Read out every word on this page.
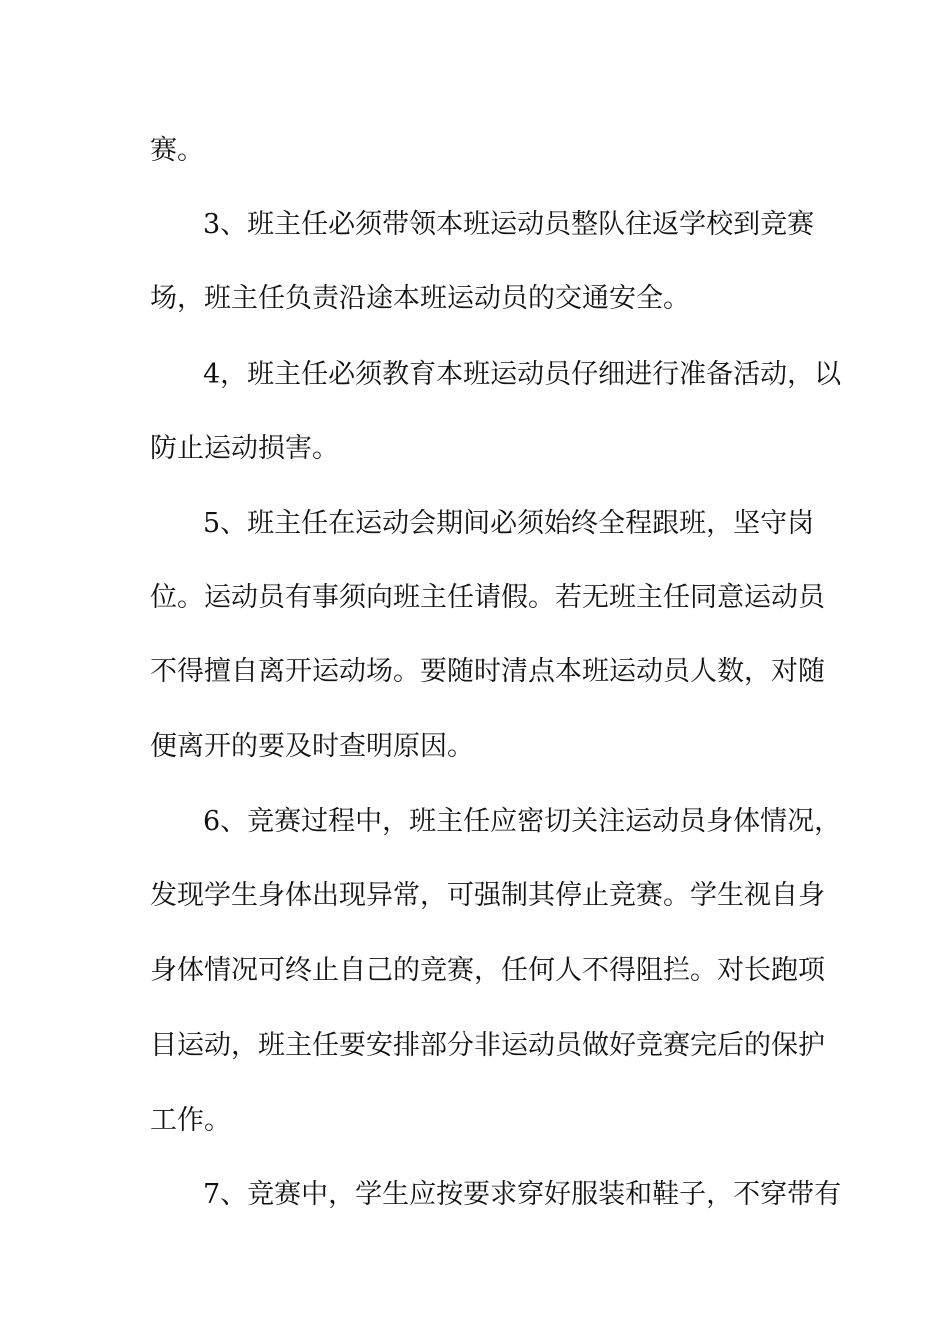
赛。
3、班主任必须带领本班运动员整队往返学校到竞赛
场，班主任负责沿途本班运动员的交通安全。
4，班主任必须教育本班运动员仔细进行准备活动，以
防止运动损害。
5、班主任在运动会期间必须始终全程跟班，坚守岗
位。运动员有事须向班主任请假。若无班主任同意运动员
不得擅自离开运动场。要随时清点本班运动员人数，对随
便离开的要及时查明原因。
6、竞赛过程中，班主任应密切关注运动员身体情况，
发现学生身体出现异常，可强制其停止竞赛。学生视自身
身体情况可终止自己的竞赛，任何人不得阻拦。对长跑项
目运动，班主任要安排部分非运动员做好竞赛完后的保护
工作。
7、竞赛中，学生应按要求穿好服装和鞋子，不穿带有
